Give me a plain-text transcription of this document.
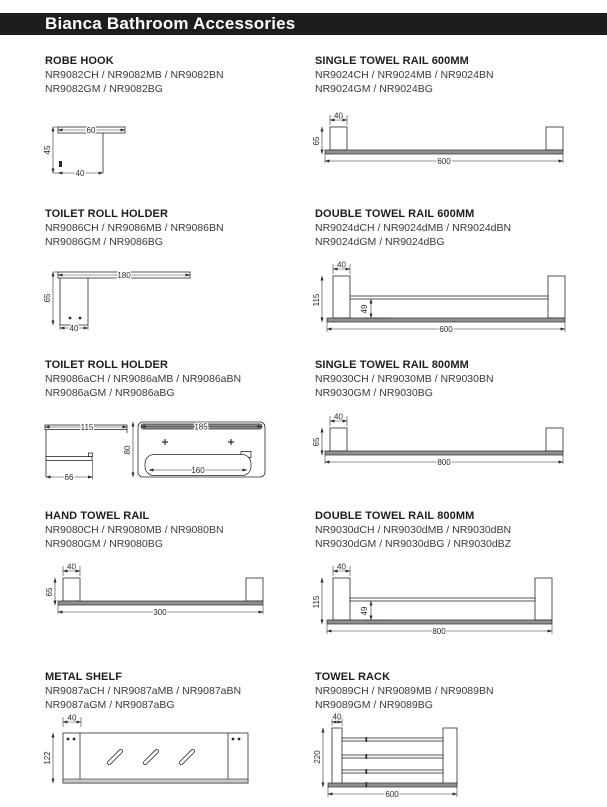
Bianca Bathroom Accessories
ROBE HOOK

NR9082CH / NR9082MB / NR9082BN

NR9082GM / NR9082BG

60
45
40
SINGLE TOWEL RAIL 600MM

NR9024CH / NR9024MB / NR9024BN

NR9024GM / NR9024BG

40
65
600
TOILET ROLL HOLDER

NR9086CH / NR9086MB / NR9086BN

NR9086GM / NR9086BG

180
65
40
DOUBLE TOWEL RAIL 600MM

NR9024dCH / NR9024dMB / NR9024dBN

NR9024dGM / NR9024dBG

40
115
49
600
TOILET ROLL HOLDER

NR9086aCH / NR9086aMB / NR9086aBN

NR9086aGM / NR9086aBG

115
66
80
185
160
SINGLE TOWEL RAIL 800MM

NR9030CH / NR9030MB / NR9030BN

NR9030GM / NR9030BG

40
65
800
HAND TOWEL RAIL

NR9080CH / NR9080MB / NR9080BN

NR9080GM / NR9080BG

40
65
300
DOUBLE TOWEL RAIL 800MM

NR9030dCH / NR9030dMB / NR9030dBN

NR9030dGM / NR9030dBG / NR9030dBZ

40
115
49
800
METAL SHELF

NR9087aCH / NR9087aMB / NR9087aBN

NR9087aGM / NR9087aBG

40
122
TOWEL RACK

NR9089CH / NR9089MB / NR9089BN

NR9089GM / NR9089BG

40
220
600
